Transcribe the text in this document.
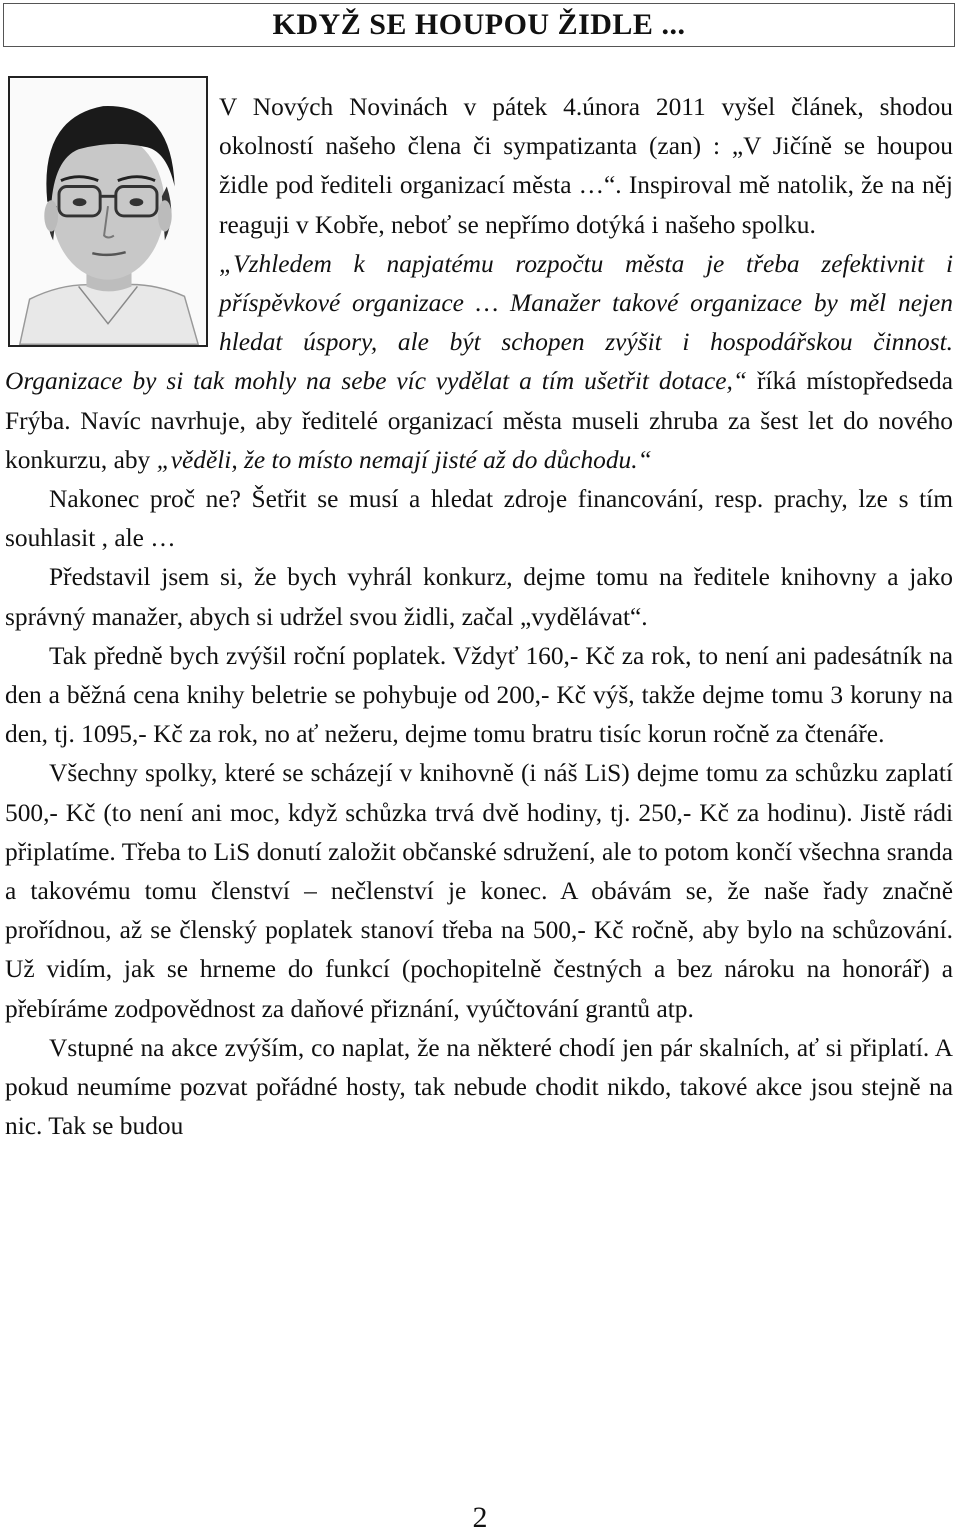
KDYŽ SE HOUPOU ŽIDLE ...

V Nových Novinách v pátek 4.února 2011 vyšel článek, shodou okolností našeho člena či sympatizanta (zan) : „V Jičíně se houpou židle pod řediteli organizací města …“. Inspiroval mě natolik, že na něj reaguji v Kobře, neboť se nepřímo dotýká i našeho spolku.

„Vzhledem k napjatému rozpočtu města je třeba zefektivnit i příspěvkové organizace … Manažer takové organizace by měl nejen hledat úspory, ale být schopen zvýšit i hospodářskou činnost. Organizace by si tak mohly na sebe víc vydělat a tím ušetřit dotace,“ říká místopředseda Frýba. Navíc navrhuje, aby ředitelé organizací města museli zhruba za šest let do nového konkurzu, aby „věděli, že to místo nemají jisté až do důchodu.“

Nakonec proč ne? Šetřit se musí a hledat zdroje financování, resp. prachy, lze s tím souhlasit , ale …

Představil jsem si, že bych vyhrál konkurz, dejme tomu na ředitele knihovny a jako správný manažer, abych si udržel svou židli, začal „vydělávat“.

Tak předně bych zvýšil roční poplatek. Vždyť 160,- Kč za rok, to není ani padesátník na den a běžná cena knihy beletrie se pohybuje od 200,- Kč výš, takže dejme tomu 3 koruny na den, tj. 1095,- Kč za rok, no ať nežeru, dejme tomu bratru tisíc korun ročně za čtenáře.

Všechny spolky, které se scházejí v knihovně (i náš LiS) dejme tomu za schůzku zaplatí 500,- Kč (to není ani moc, když schůzka trvá dvě hodiny, tj. 250,- Kč za hodinu). Jistě rádi připlatíme. Třeba to LiS donutí založit občanské sdružení, ale to potom končí všechna sranda a takovému tomu členství – nečlenství je konec. A obávám se, že naše řady značně prořídnou, až se členský poplatek stanoví třeba na 500,- Kč ročně, aby bylo na schůzování. Už vidím, jak se hrneme do funkcí (pochopitelně čestných a bez nároku na honorář) a přebíráme zodpovědnost za daňové přiznání, vyúčtování grantů atp.

Vstupné na akce zvýším, co naplat, že na některé chodí jen pár skalních, ať si připlatí. A pokud neumíme pozvat pořádné hosty, tak nebude chodit nikdo, takové akce jsou stejně na nic. Tak se budou

2
